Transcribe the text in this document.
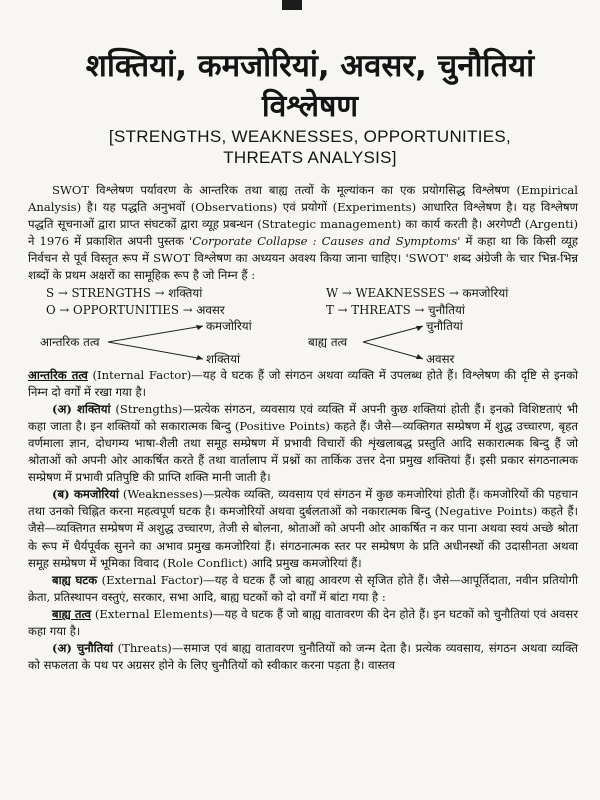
शक्तियां, कमजोरियां, अवसर, चुनौतियां
विश्लेषण
[STRENGTHS, WEAKNESSES, OPPORTUNITIES,
THREATS ANALYSIS]

SWOT विश्लेषण पर्यावरण के आन्तरिक तथा बाह्य तत्वों के मूल्यांकन का एक प्रयोगसिद्ध विश्लेषण (Empirical Analysis) है। यह पद्धति अनुभवों (Observations) एवं प्रयोगों (Experiments) आधारित विश्लेषण है। यह विश्लेषण पद्धति सूचनाओं द्वारा प्राप्त संघटकों द्वारा व्यूह प्रबन्धन (Strategic management) का कार्य करती है। अरगेण्टी (Argenti) ने 1976 में प्रकाशित अपनी पुस्तक 'Corporate Collapse : Causes and Symptoms' में कहा था कि किसी व्यूह निर्वचन से पूर्व विस्तृत रूप में SWOT विश्लेषण का अध्ययन अवश्य किया जाना चाहिए। 'SWOT' शब्द अंग्रेजी के चार भिन्न-भिन्न शब्दों के प्रथम अक्षरों का सामूहिक रूप है जो निम्न हैं :

S → STRENGTHS → शक्तियां	W → WEAKNESSES → कमजोरियां
O → OPPORTUNITIES → अवसर	T → THREATS → चुनौतियां
आन्तरिक तत्व
कमजोरियां
शक्तियां
बाह्य तत्व
चुनौतियां
अवसर

आन्तरिक तत्व (Internal Factor)—यह वे घटक हैं जो संगठन अथवा व्यक्ति में उपलब्ध होते हैं। विश्लेषण की दृष्टि से इनको निम्न दो वर्गों में रखा गया है।

(अ) शक्तियां (Strengths)—प्रत्येक संगठन, व्यवसाय एवं व्यक्ति में अपनी कुछ शक्तियां होती हैं। इनको विशिष्टताएं भी कहा जाता है। इन शक्तियों को सकारात्मक बिन्दु (Positive Points) कहते हैं। जैसे—व्यक्तिगत सम्प्रेषण में शुद्ध उच्चारण, बृहत वर्णमाला ज्ञान, दोधगम्य भाषा-शैली तथा समूह सम्प्रेषण में प्रभावी विचारों की शृंखलाबद्ध प्रस्तुति आदि सकारात्मक बिन्दु हैं जो श्रोताओं को अपनी ओर आकर्षित करते हैं तथा वार्तालाप में प्रश्नों का तार्किक उत्तर देना प्रमुख शक्तियां हैं। इसी प्रकार संगठनात्मक सम्प्रेषण में प्रभावी प्रतिपुष्टि की प्राप्ति शक्ति मानी जाती है।

(ब) कमजोरियां (Weaknesses)—प्रत्येक व्यक्ति, व्यवसाय एवं संगठन में कुछ कमजोरियां होती हैं। कमजोरियों की पहचान तथा उनको चिह्नित करना महत्वपूर्ण घटक है। कमजोरियों अथवा दुर्बलताओं को नकारात्मक बिन्दु (Negative Points) कहते हैं। जैसे—व्यक्तिगत सम्प्रेषण में अशुद्ध उच्चारण, तेजी से बोलना, श्रोताओं को अपनी ओर आकर्षित न कर पाना अथवा स्वयं अच्छे श्रोता के रूप में धैर्यपूर्वक सुनने का अभाव प्रमुख कमजोरियां हैं। संगठनात्मक स्तर पर सम्प्रेषण के प्रति अधीनस्थों की उदासीनता अथवा समूह सम्प्रेषण में भूमिका विवाद (Role Conflict) आदि प्रमुख कमजोरियां हैं।

बाह्य घटक (External Factor)—यह वे घटक हैं जो बाह्य आवरण से सृजित होते हैं। जैसे—आपूर्तिदाता, नवीन प्रतियोगी क्रेता, प्रतिस्थापन वस्तुएं, सरकार, सभा आदि, बाह्य घटकों को दो वर्गों में बांटा गया है :

बाह्य तत्व (External Elements)—यह वे घटक हैं जो बाह्य वातावरण की देन होते हैं। इन घटकों को चुनौतियां एवं अवसर कहा गया है।

(अ) चुनौतियां (Threats)—समाज एवं बाह्य वातावरण चुनौतियों को जन्म देता है। प्रत्येक व्यवसाय, संगठन अथवा व्यक्ति को सफलता के पथ पर अग्रसर होने के लिए चुनौतियों को स्वीकार करना पड़ता है। वास्तव
